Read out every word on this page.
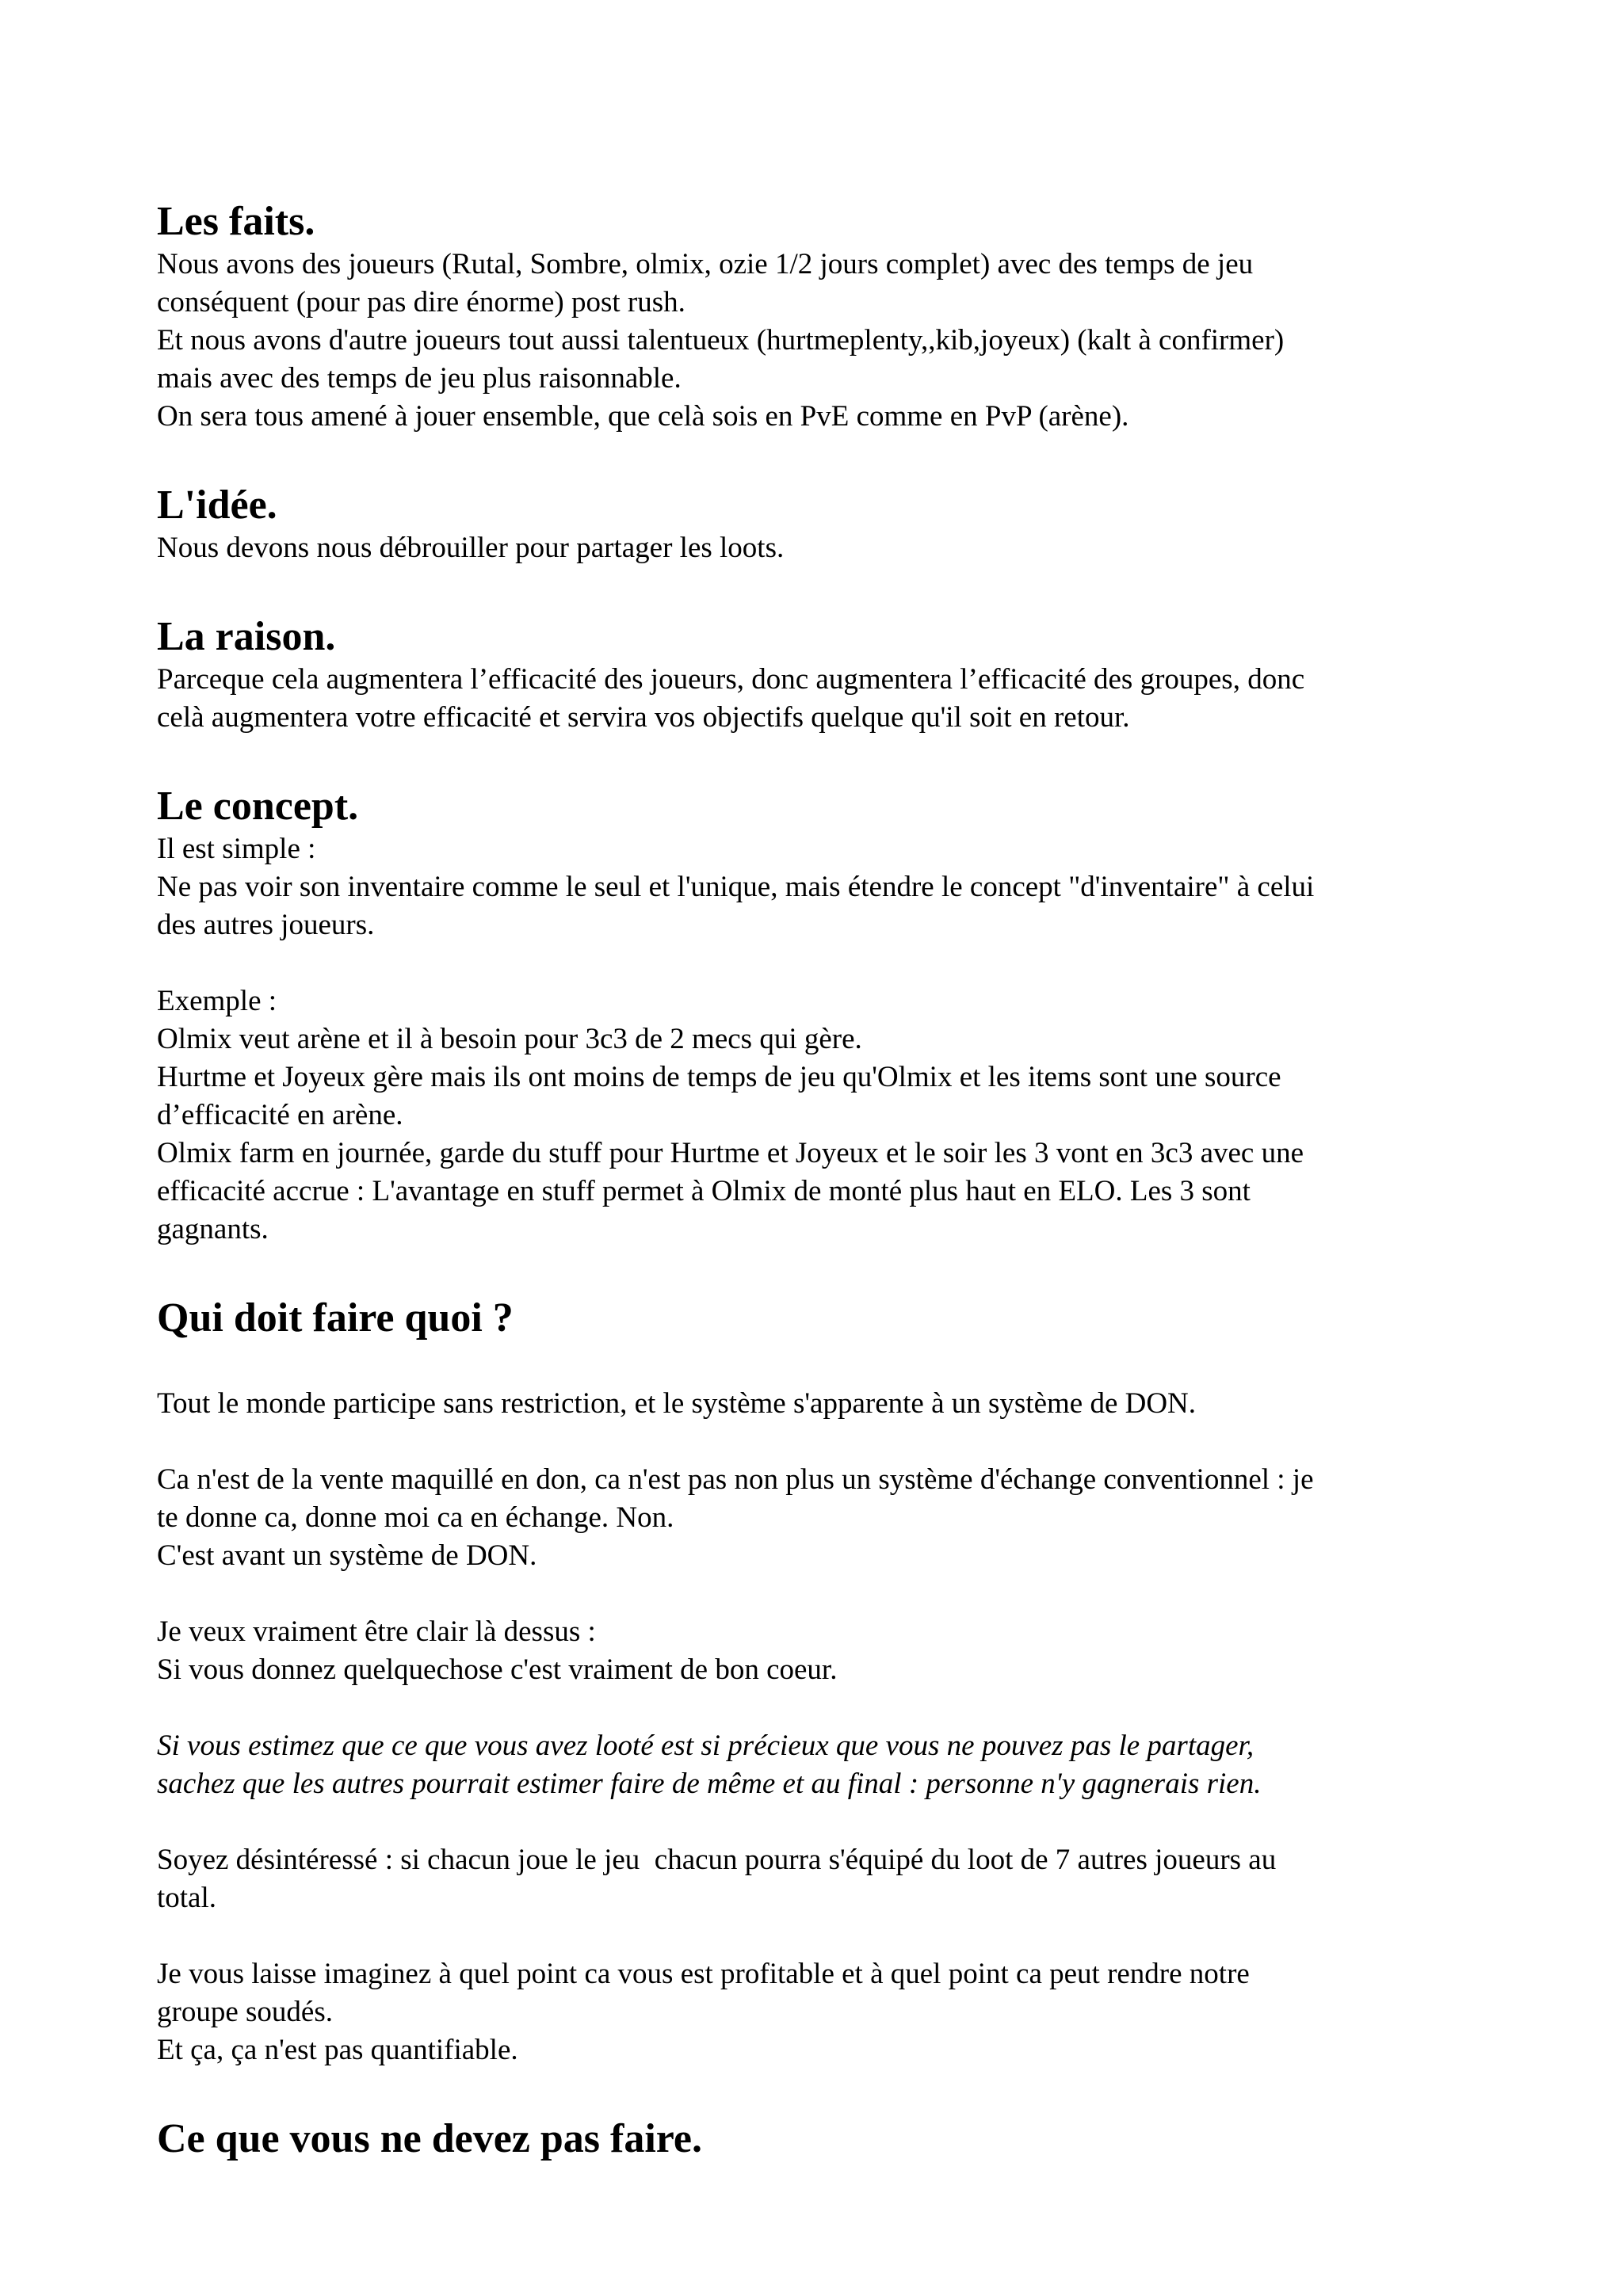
Les faits.

Nous avons des joueurs (Rutal, Sombre, olmix, ozie 1/2 jours complet) avec des temps de jeu

conséquent (pour pas dire énorme) post rush.

Et nous avons d'autre joueurs tout aussi talentueux (hurtmeplenty,,kib,joyeux) (kalt à confirmer)

mais avec des temps de jeu plus raisonnable.

On sera tous amené à jouer ensemble, que celà sois en PvE comme en PvP (arène).

L'idée.

Nous devons nous débrouiller pour partager les loots.

La raison.

Parceque cela augmentera l’efficacité des joueurs, donc augmentera l’efficacité des groupes, donc

celà augmentera votre efficacité et servira vos objectifs quelque qu'il soit en retour.

Le concept.

Il est simple :

Ne pas voir son inventaire comme le seul et l'unique, mais étendre le concept "d'inventaire" à celui

des autres joueurs.

Exemple :

Olmix veut arène et il à besoin pour 3c3 de 2 mecs qui gère.

Hurtme et Joyeux gère mais ils ont moins de temps de jeu qu'Olmix et les items sont une source

d’efficacité en arène.

Olmix farm en journée, garde du stuff pour Hurtme et Joyeux et le soir les 3 vont en 3c3 avec une

efficacité accrue : L'avantage en stuff permet à Olmix de monté plus haut en ELO. Les 3 sont

gagnants.

Qui doit faire quoi ?

Tout le monde participe sans restriction, et le système s'apparente à un système de DON.

Ca n'est de la vente maquillé en don, ca n'est pas non plus un système d'échange conventionnel : je

te donne ca, donne moi ca en échange. Non.

C'est avant un système de DON.

Je veux vraiment être clair là dessus :

Si vous donnez quelquechose c'est vraiment de bon coeur.

Si vous estimez que ce que vous avez looté est si précieux que vous ne pouvez pas le partager,

sachez que les autres pourrait estimer faire de même et au final : personne n'y gagnerais rien.

Soyez désintéressé : si chacun joue le jeu  chacun pourra s'équipé du loot de 7 autres joueurs au

total.

Je vous laisse imaginez à quel point ca vous est profitable et à quel point ca peut rendre notre

groupe soudés.

Et ça, ça n'est pas quantifiable.

Ce que vous ne devez pas faire.
